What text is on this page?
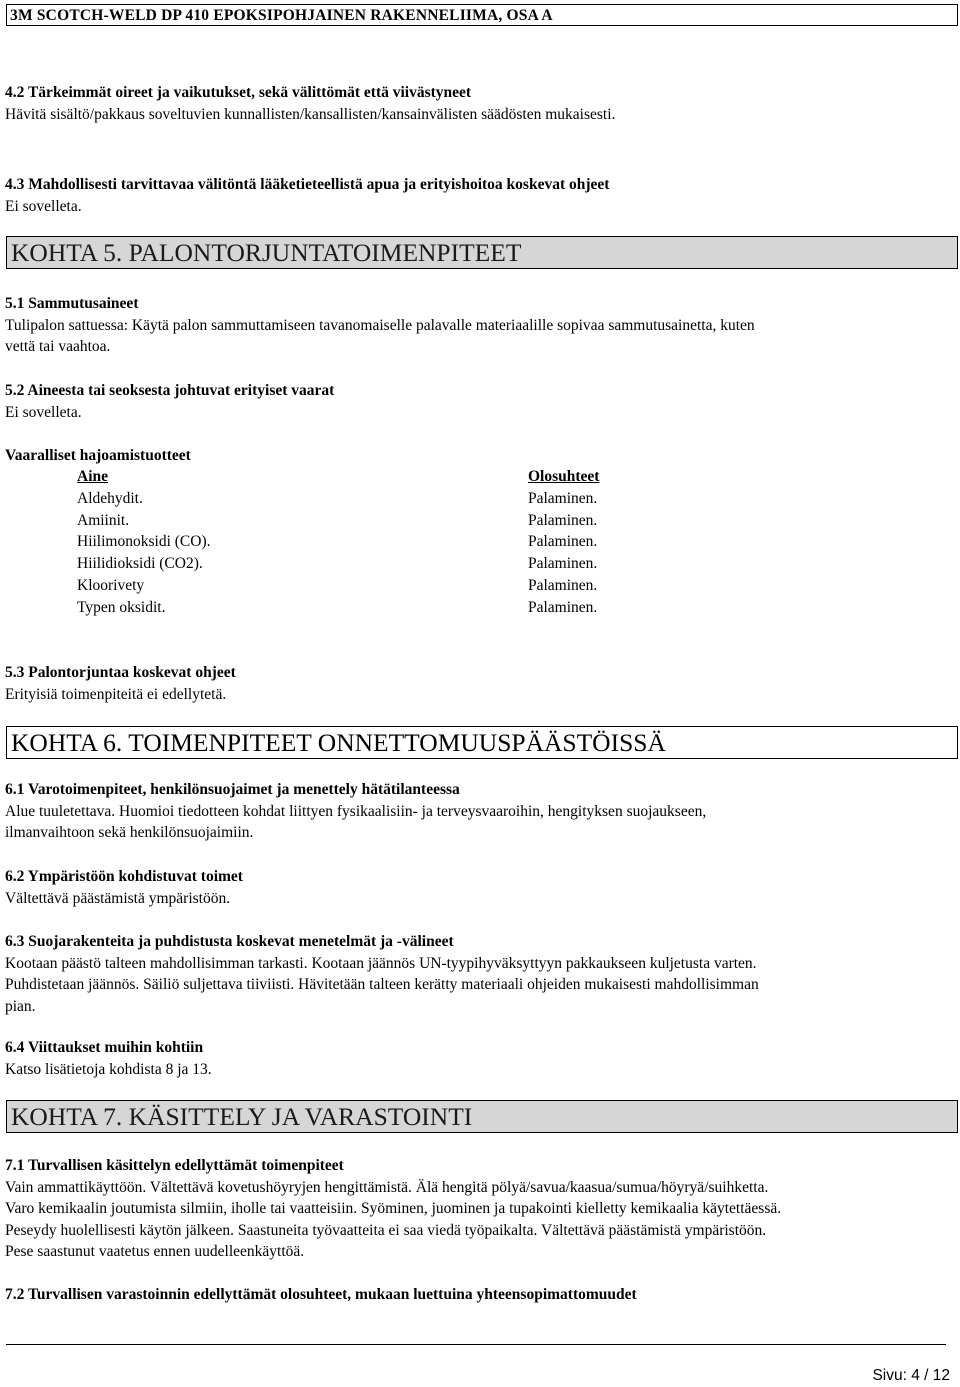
3M SCOTCH-WELD DP 410 EPOKSIPOHJAINEN RAKENNELIIMA, OSA A
4.2 Tärkeimmät oireet ja vaikutukset, sekä välittömät että viivästyneet
Hävitä sisältö/pakkaus soveltuvien kunnallisten/kansallisten/kansainvälisten säädösten mukaisesti.
4.3 Mahdollisesti tarvittavaa välitöntä lääketieteellistä apua ja erityishoitoa koskevat ohjeet
Ei sovelleta.
KOHTA 5. PALONTORJUNTATOIMENPITEET
5.1 Sammutusaineet
Tulipalon sattuessa: Käytä palon sammuttamiseen tavanomaiselle palavalle materiaalille sopivaa sammutusainetta, kuten
vettä tai vaahtoa.
5.2 Aineesta tai seoksesta johtuvat erityiset vaarat
Ei sovelleta.
Vaaralliset hajoamistuotteet
Aine
Aldehydit.
Amiinit.
Hiilimonoksidi (CO).
Hiilidioksidi (CO2).
Kloorivety
Typen oksidit.
Olosuhteet
Palaminen.
Palaminen.
Palaminen.
Palaminen.
Palaminen.
Palaminen.
5.3 Palontorjuntaa koskevat ohjeet
Erityisiä toimenpiteitä ei edellytetä.
KOHTA 6. TOIMENPITEET ONNETTOMUUSPÄÄSTÖISSÄ
6.1 Varotoimenpiteet, henkilönsuojaimet ja menettely hätätilanteessa
Alue tuuletettava. Huomioi tiedotteen kohdat liittyen fysikaalisiin- ja terveysvaaroihin, hengityksen suojaukseen,
ilmanvaihtoon sekä henkilönsuojaimiin.
6.2 Ympäristöön kohdistuvat toimet
Vältettävä päästämistä ympäristöön.
6.3 Suojarakenteita ja puhdistusta koskevat menetelmät ja -välineet
Kootaan päästö talteen mahdollisimman tarkasti. Kootaan jäännös UN-tyypihyväksyttyyn pakkaukseen kuljetusta varten.
Puhdistetaan jäännös. Säiliö suljettava tiiviisti. Hävitetään talteen kerätty materiaali ohjeiden mukaisesti mahdollisimman
pian.
6.4 Viittaukset muihin kohtiin
Katso lisätietoja kohdista 8 ja 13.
KOHTA 7. KÄSITTELY JA VARASTOINTI
7.1 Turvallisen käsittelyn edellyttämät toimenpiteet
Vain ammattikäyttöön. Vältettävä kovetushöyryjen hengittämistä. Älä hengitä pölyä/savua/kaasua/sumua/höyryä/suihketta.
Varo kemikaalin joutumista silmiin, iholle tai vaatteisiin. Syöminen, juominen ja tupakointi kielletty kemikaalia käytettäessä.
Peseydy huolellisesti käytön jälkeen. Saastuneita työvaatteita ei saa viedä työpaikalta. Vältettävä päästämistä ympäristöön.
Pese saastunut vaatetus ennen uudelleenkäyttöä.
7.2 Turvallisen varastoinnin edellyttämät olosuhteet, mukaan luettuina yhteensopimattomuudet
Sivu: 4 / 12
